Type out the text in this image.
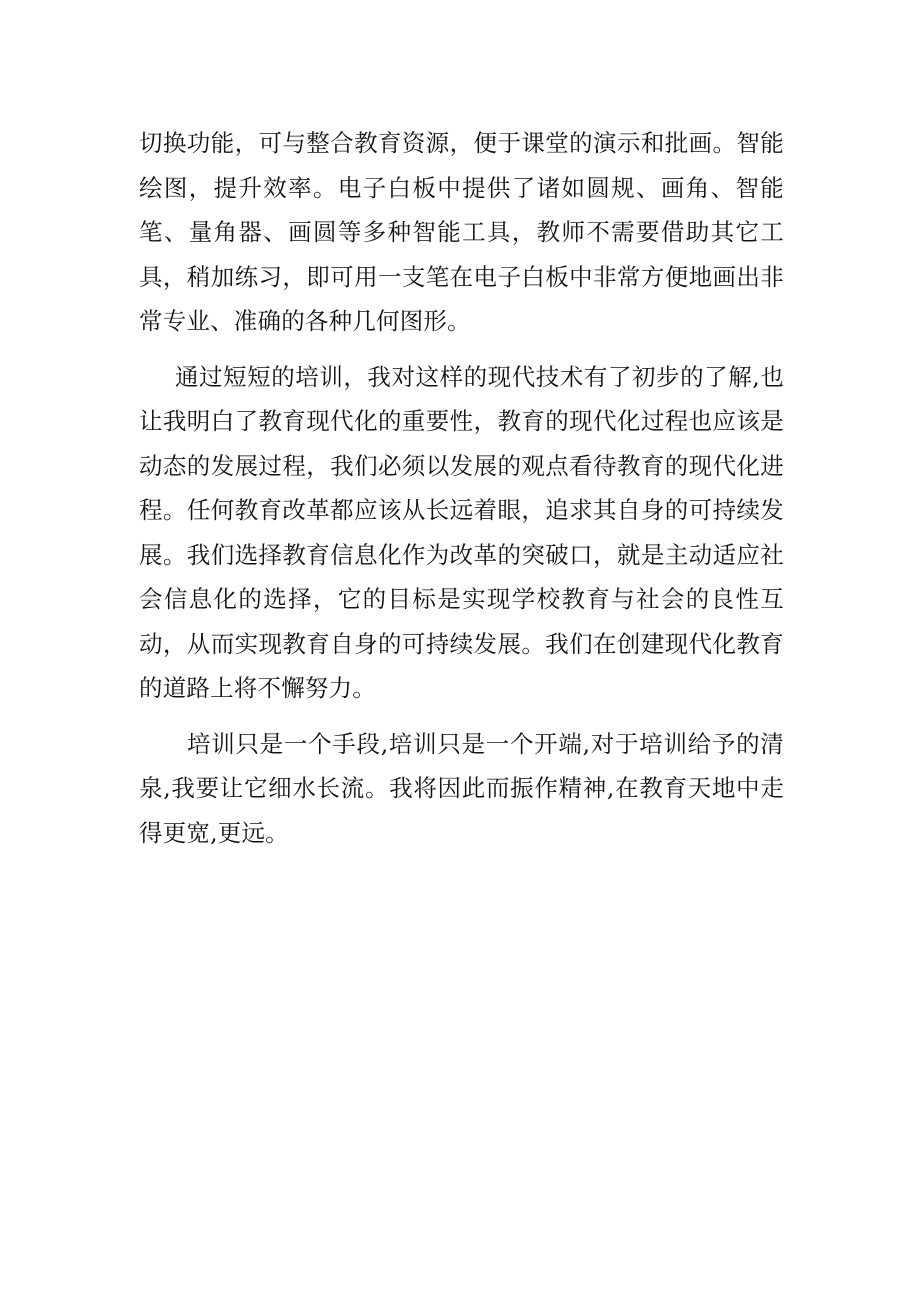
切换功能，可与整合教育资源，便于课堂的演示和批画。智能绘图，提升效率。电子白板中提供了诸如圆规、画角、智能笔、量角器、画圆等多种智能工具，教师不需要借助其它工具，稍加练习，即可用一支笔在电子白板中非常方便地画出非常专业、准确的各种几何图形。

通过短短的培训，我对这样的现代技术有了初步的了解,也让我明白了教育现代化的重要性，教育的现代化过程也应该是动态的发展过程，我们必须以发展的观点看待教育的现代化进程。任何教育改革都应该从长远着眼，追求其自身的可持续发展。我们选择教育信息化作为改革的突破口，就是主动适应社会信息化的选择，它的目标是实现学校教育与社会的良性互动，从而实现教育自身的可持续发展。我们在创建现代化教育的道路上将不懈努力。

培训只是一个手段,培训只是一个开端,对于培训给予的清泉,我要让它细水长流。我将因此而振作精神,在教育天地中走得更宽,更远。
